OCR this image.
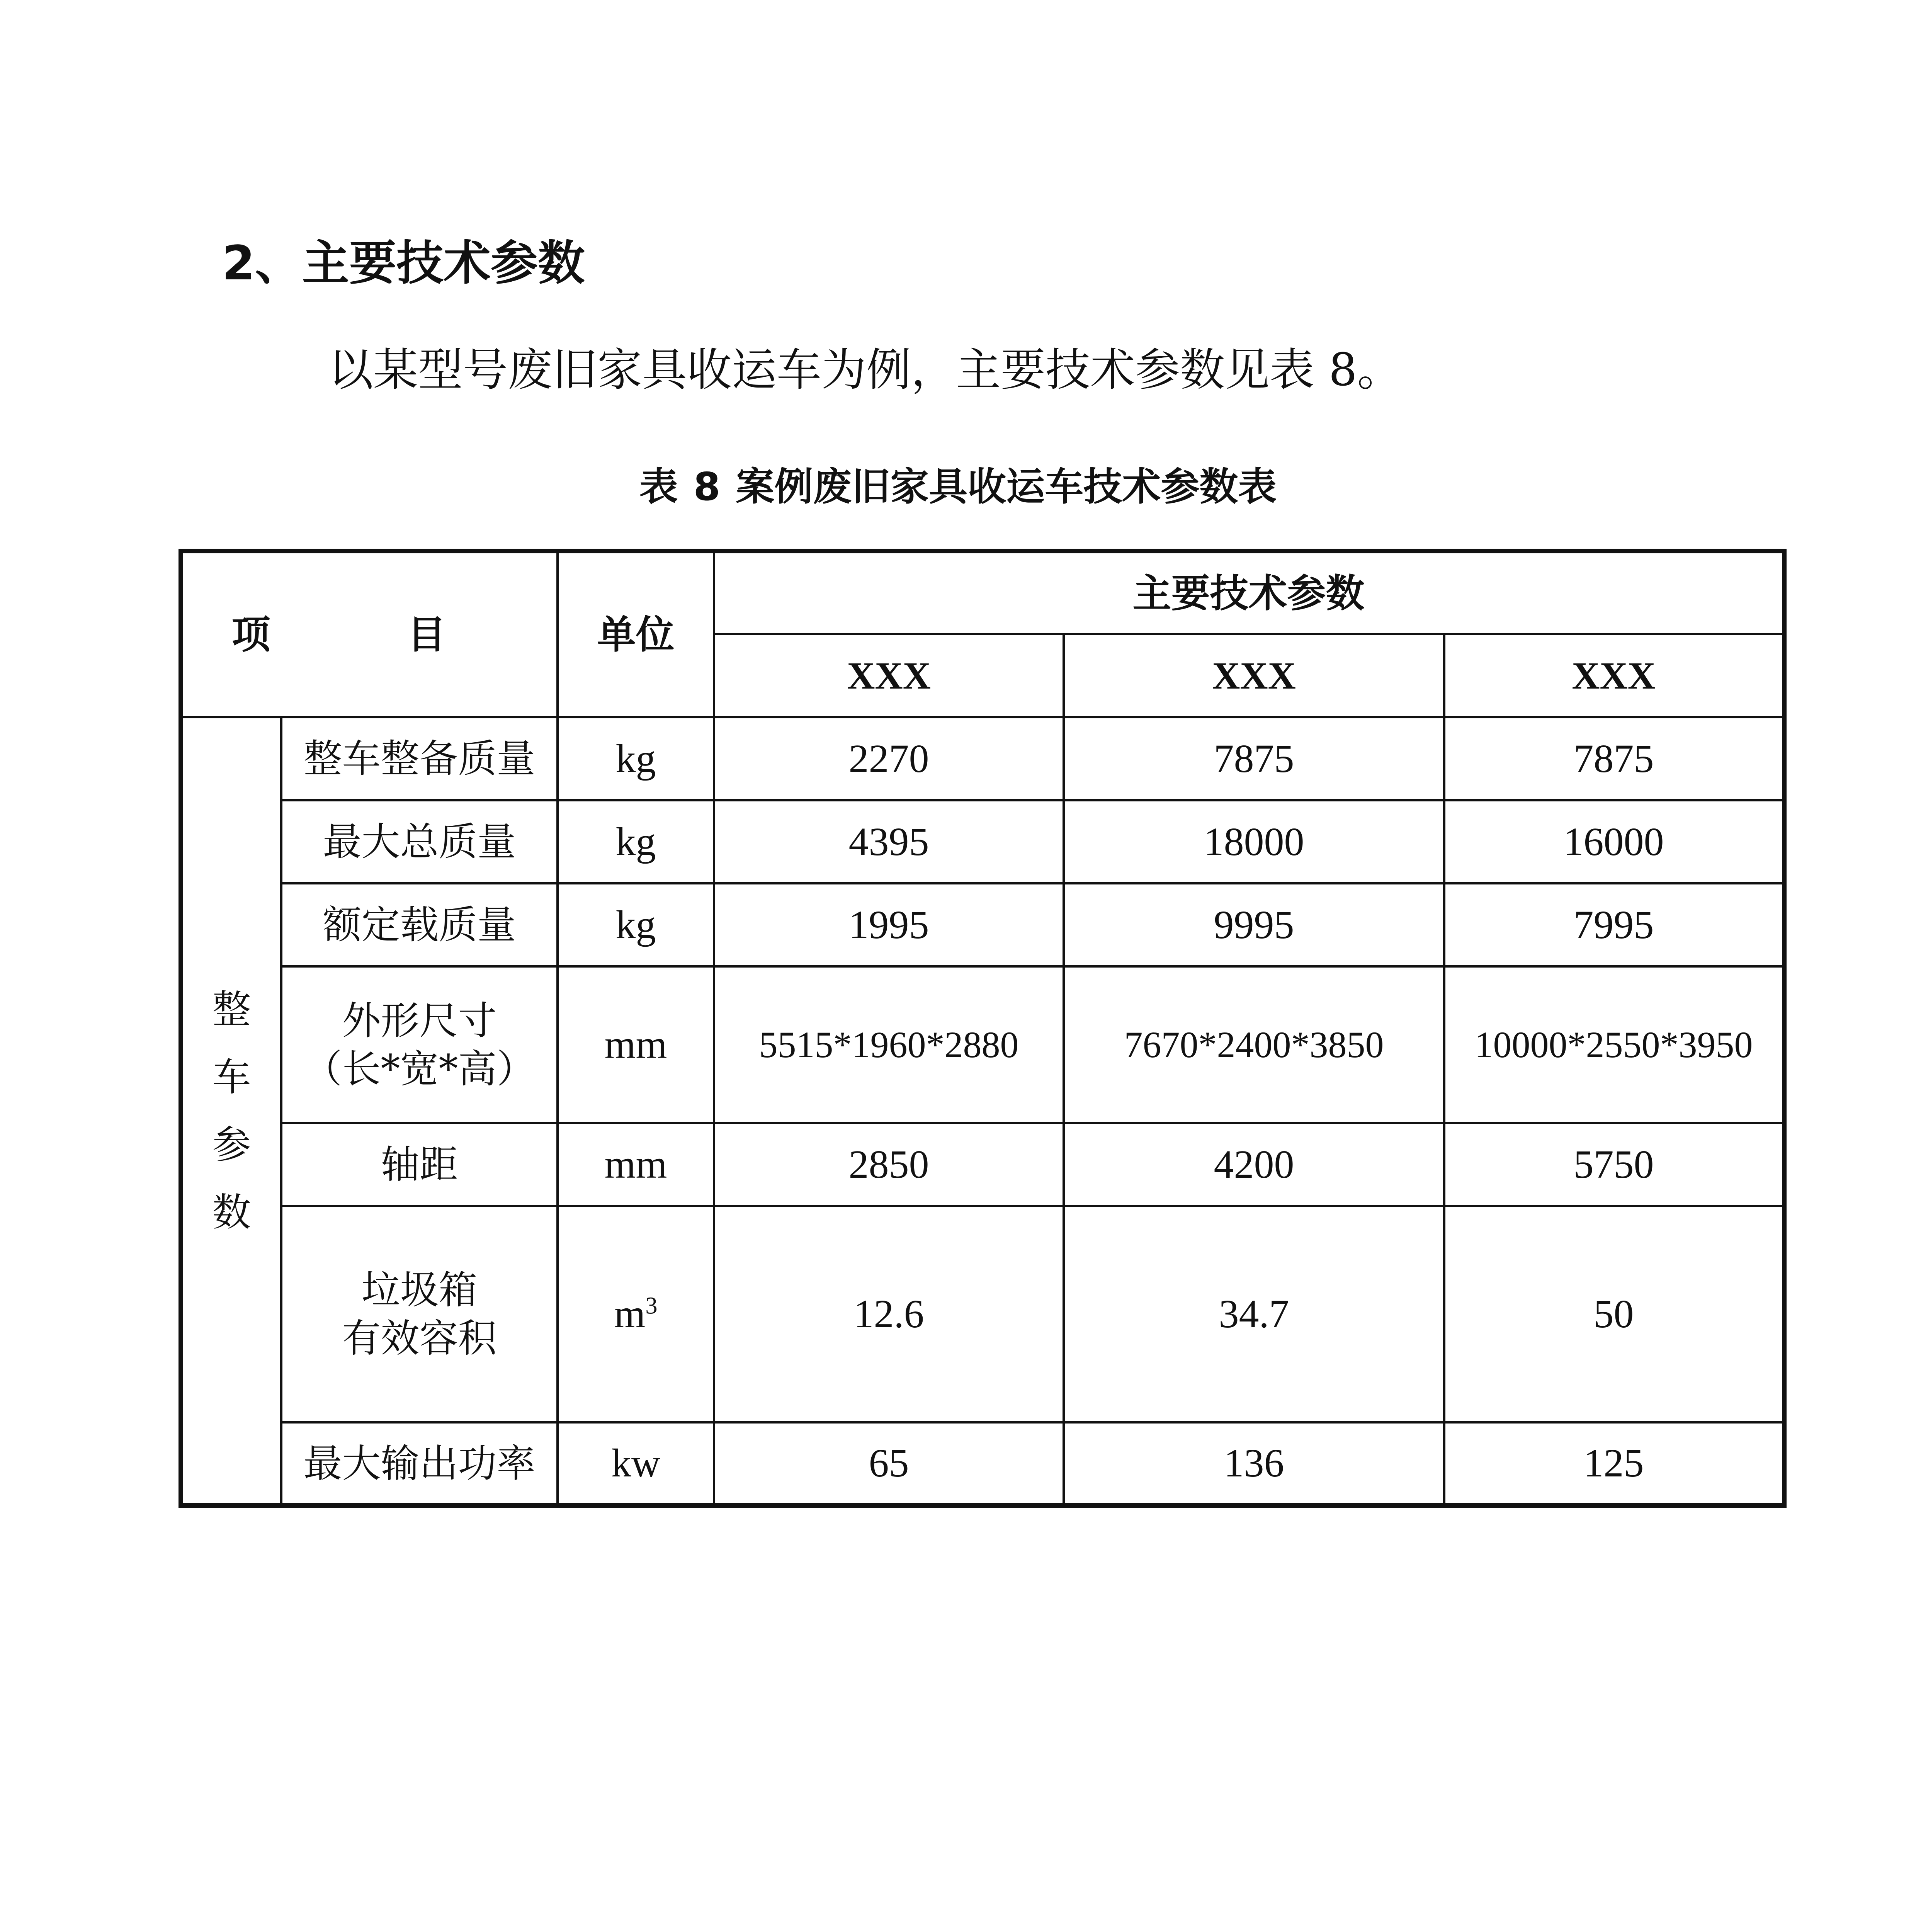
2、主要技术参数
以某型号废旧家具收运车为例，主要技术参数见表 8。
表 8 案例废旧家具收运车技术参数表
项 目		单位	主要技术参数		
			XXX	XXX	XXX

整
车
参
数	整车整备质量	kg	2270	7875	7875
	最大总质量	kg	4395	18000	16000
	额定载质量	kg	1995	9995	7995

	外形尺寸
（长*宽*高）	mm	5515*1960*2880	7670*2400*3850	10000*2550*3950
	轴距	mm	2850	4200	5750

	垃圾箱
有效容积	$m^3$	12.6	34.7	50
	最大输出功率	kw	65	136	125
